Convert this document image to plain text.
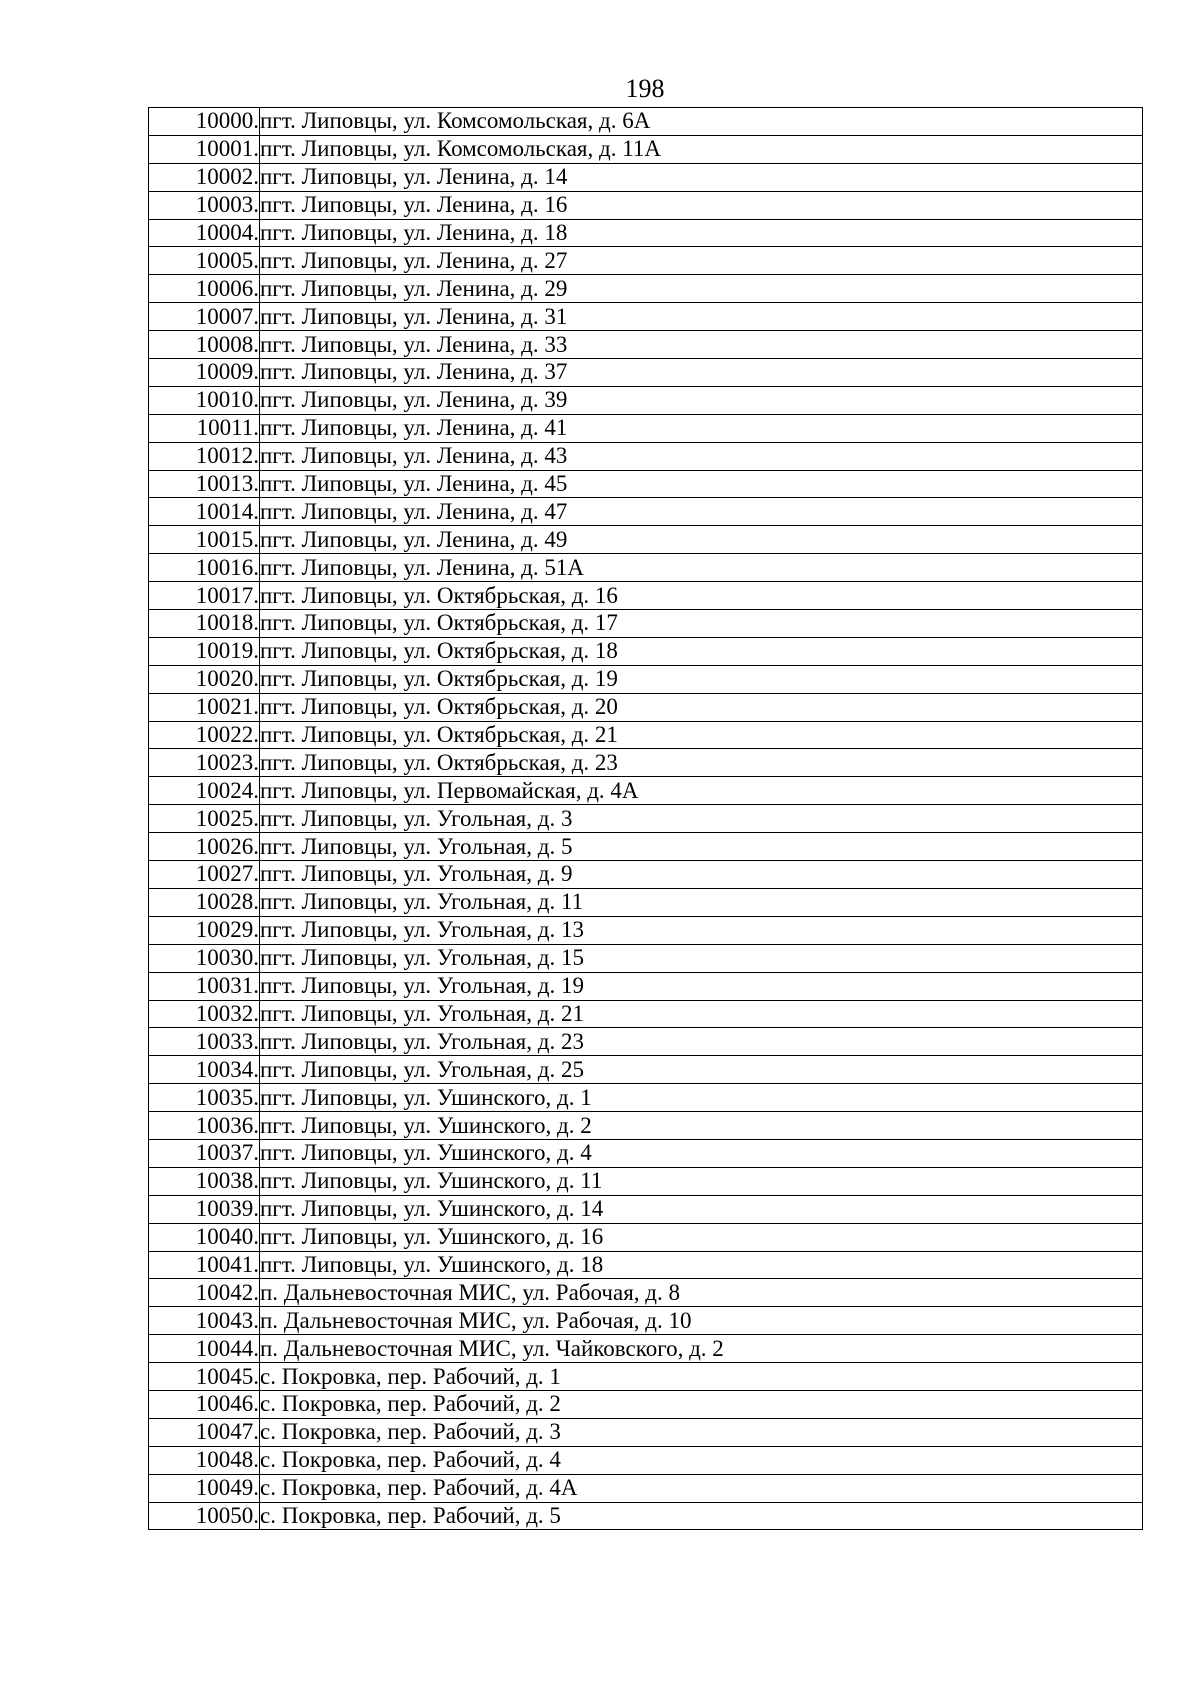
198
10000.	пгт. Липовцы, ул. Комсомольская, д. 6А
10001.	пгт. Липовцы, ул. Комсомольская, д. 11А
10002.	пгт. Липовцы, ул. Ленина, д. 14
10003.	пгт. Липовцы, ул. Ленина, д. 16
10004.	пгт. Липовцы, ул. Ленина, д. 18
10005.	пгт. Липовцы, ул. Ленина, д. 27
10006.	пгт. Липовцы, ул. Ленина, д. 29
10007.	пгт. Липовцы, ул. Ленина, д. 31
10008.	пгт. Липовцы, ул. Ленина, д. 33
10009.	пгт. Липовцы, ул. Ленина, д. 37
10010.	пгт. Липовцы, ул. Ленина, д. 39
10011.	пгт. Липовцы, ул. Ленина, д. 41
10012.	пгт. Липовцы, ул. Ленина, д. 43
10013.	пгт. Липовцы, ул. Ленина, д. 45
10014.	пгт. Липовцы, ул. Ленина, д. 47
10015.	пгт. Липовцы, ул. Ленина, д. 49
10016.	пгт. Липовцы, ул. Ленина, д. 51А
10017.	пгт. Липовцы, ул. Октябрьская, д. 16
10018.	пгт. Липовцы, ул. Октябрьская, д. 17
10019.	пгт. Липовцы, ул. Октябрьская, д. 18
10020.	пгт. Липовцы, ул. Октябрьская, д. 19
10021.	пгт. Липовцы, ул. Октябрьская, д. 20
10022.	пгт. Липовцы, ул. Октябрьская, д. 21
10023.	пгт. Липовцы, ул. Октябрьская, д. 23
10024.	пгт. Липовцы, ул. Первомайская, д. 4А
10025.	пгт. Липовцы, ул. Угольная, д. 3
10026.	пгт. Липовцы, ул. Угольная, д. 5
10027.	пгт. Липовцы, ул. Угольная, д. 9
10028.	пгт. Липовцы, ул. Угольная, д. 11
10029.	пгт. Липовцы, ул. Угольная, д. 13
10030.	пгт. Липовцы, ул. Угольная, д. 15
10031.	пгт. Липовцы, ул. Угольная, д. 19
10032.	пгт. Липовцы, ул. Угольная, д. 21
10033.	пгт. Липовцы, ул. Угольная, д. 23
10034.	пгт. Липовцы, ул. Угольная, д. 25
10035.	пгт. Липовцы, ул. Ушинского, д. 1
10036.	пгт. Липовцы, ул. Ушинского, д. 2
10037.	пгт. Липовцы, ул. Ушинского, д. 4
10038.	пгт. Липовцы, ул. Ушинского, д. 11
10039.	пгт. Липовцы, ул. Ушинского, д. 14
10040.	пгт. Липовцы, ул. Ушинского, д. 16
10041.	пгт. Липовцы, ул. Ушинского, д. 18
10042.	п. Дальневосточная МИС, ул. Рабочая, д. 8
10043.	п. Дальневосточная МИС, ул. Рабочая, д. 10
10044.	п. Дальневосточная МИС, ул. Чайковского, д. 2
10045.	с. Покровка, пер. Рабочий, д. 1
10046.	с. Покровка, пер. Рабочий, д. 2
10047.	с. Покровка, пер. Рабочий, д. 3
10048.	с. Покровка, пер. Рабочий, д. 4
10049.	с. Покровка, пер. Рабочий, д. 4А
10050.	с. Покровка, пер. Рабочий, д. 5
